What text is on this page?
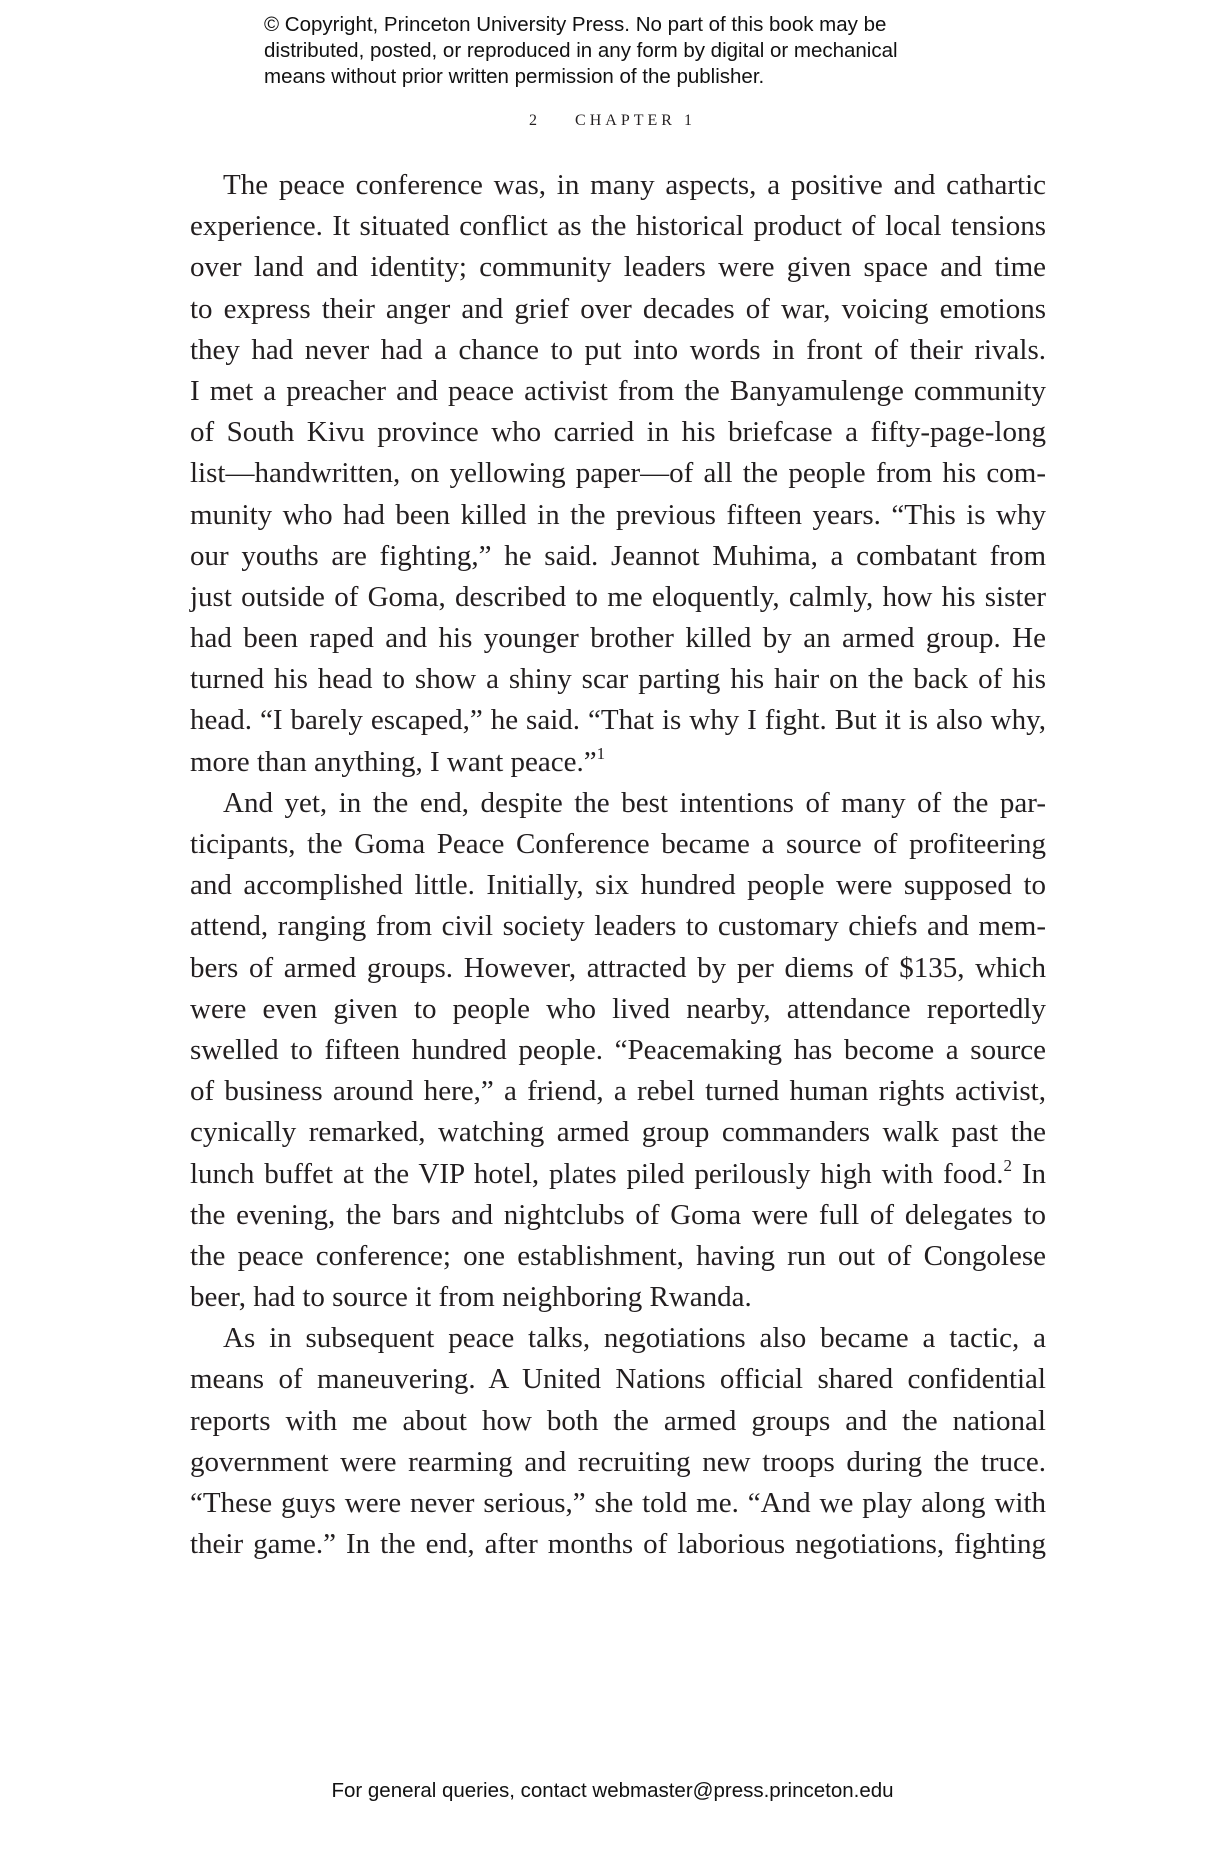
© Copyright, Princeton University Press. No part of this book may be
distributed, posted, or reproduced in any form by digital or mechanical
means without prior written permission of the publisher.
2 CHAPTER 1
The peace conference was, in many aspects, a positive and cathartic
experience. It situated conflict as the historical product of local tensions
over land and identity; community leaders were given space and time
to express their anger and grief over decades of war, voicing emotions
they had never had a chance to put into words in front of their rivals.
I met a preacher and peace activist from the Banyamulenge community
of South Kivu province who carried in his briefcase a fifty-page-long
list—handwritten, on yellowing paper—of all the people from his com-
munity who had been killed in the previous fifteen years. “This is why
our youths are fighting,” he said. Jeannot Muhima, a combatant from
just outside of Goma, described to me eloquently, calmly, how his sister
had been raped and his younger brother killed by an armed group. He
turned his head to show a shiny scar parting his hair on the back of his
head. “I barely escaped,” he said. “That is why I fight. But it is also why,
more than anything, I want peace.”$^1$
And yet, in the end, despite the best intentions of many of the par-
ticipants, the Goma Peace Conference became a source of profiteering
and accomplished little. Initially, six hundred people were supposed to
attend, ranging from civil society leaders to customary chiefs and mem-
bers of armed groups. However, attracted by per diems of $135, which
were even given to people who lived nearby, attendance reportedly
swelled to fifteen hundred people. “Peacemaking has become a source
of business around here,” a friend, a rebel turned human rights activist,
cynically remarked, watching armed group commanders walk past the
lunch buffet at the VIP hotel, plates piled perilously high with food.$^2$ In
the evening, the bars and nightclubs of Goma were full of delegates to
the peace conference; one establishment, having run out of Congolese
beer, had to source it from neighboring Rwanda.
As in subsequent peace talks, negotiations also became a tactic, a
means of maneuvering. A United Nations official shared confidential
reports with me about how both the armed groups and the national
government were rearming and recruiting new troops during the truce.
“These guys were never serious,” she told me. “And we play along with
their game.” In the end, after months of laborious negotiations, fighting
For general queries, contact webmaster@press.princeton.edu
